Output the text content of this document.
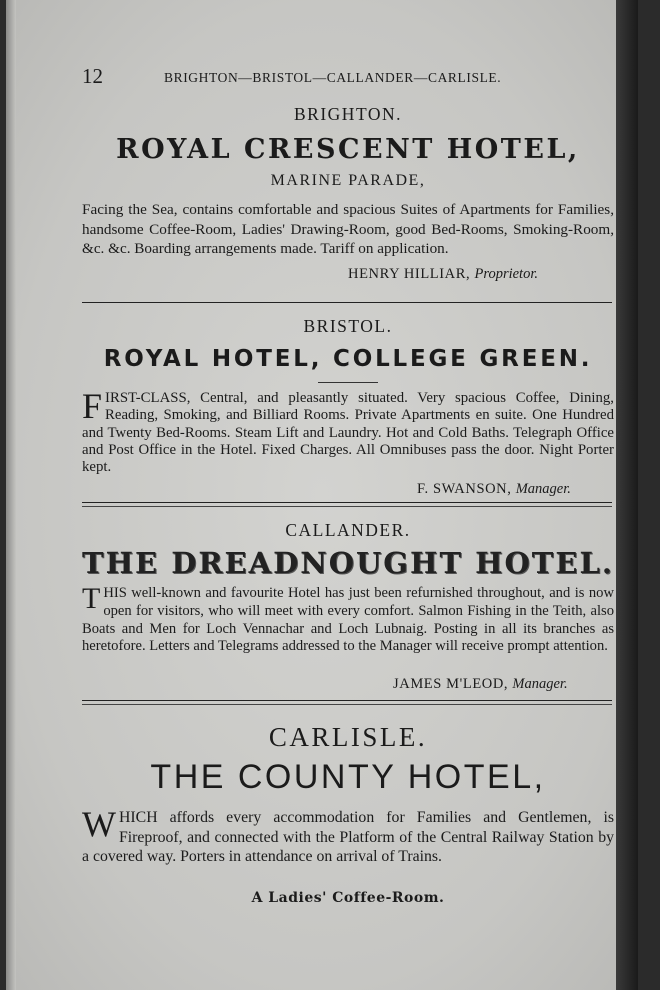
12	BRIGHTON—BRISTOL—CALLANDER—CARLISLE.
BRIGHTON.
ROYAL CRESCENT HOTEL,
MARINE PARADE,
Facing the Sea, contains comfortable and spacious Suites of Apartments for Families, handsome Coffee-Room, Ladies' Drawing-Room, good Bed-Rooms, Smoking-Room, &c. &c. Boarding arrangements made. Tariff on application.
HENRY HILLIAR, Proprietor.
BRISTOL.
ROYAL HOTEL, COLLEGE GREEN.
FIRST-CLASS, Central, and pleasantly situated. Very spacious Coffee, Dining, Reading, Smoking, and Billiard Rooms. Private Apartments en suite. One Hundred and Twenty Bed-Rooms. Steam Lift and Laundry. Hot and Cold Baths. Telegraph Office and Post Office in the Hotel. Fixed Charges. All Omnibuses pass the door. Night Porter kept.
F. SWANSON, Manager.
CALLANDER.
THE DREADNOUGHT HOTEL.
THIS well-known and favourite Hotel has just been refurnished throughout, and is now open for visitors, who will meet with every comfort. Salmon Fishing in the Teith, also Boats and Men for Loch Vennachar and Loch Lubnaig. Posting in all its branches as heretofore. Letters and Telegrams addressed to the Manager will receive prompt attention.
JAMES M'LEOD, Manager.
CARLISLE.
THE COUNTY HOTEL,
WHICH affords every accommodation for Families and Gentlemen, is Fireproof, and connected with the Platform of the Central Railway Station by a covered way. Porters in attendance on arrival of Trains.
A Ladies' Coffee-Room.
